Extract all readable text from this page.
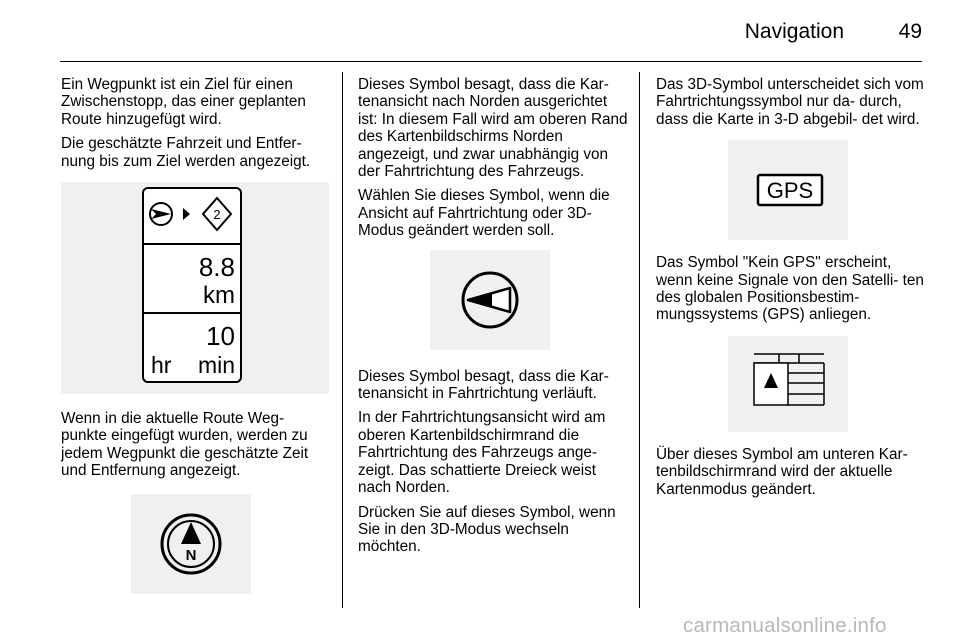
Navigation	49

Ein Wegpunkt ist ein Ziel für einen Zwischenstopp, das einer geplanten Route hinzugefügt wird.

Die geschätzte Fahrzeit und Entfer- nung bis zum Ziel werden angezeigt.

2
8.8
km
10
hr min

Wenn in die aktuelle Route Weg- punkte eingefügt wurden, werden zu jedem Wegpunkt die geschätzte Zeit und Entfernung angezeigt.

N

Dieses Symbol besagt, dass die Kar- tenansicht nach Norden ausgerichtet ist: In diesem Fall wird am oberen Rand des Kartenbildschirms Norden angezeigt, und zwar unabhängig von der Fahrtrichtung des Fahrzeugs.

Wählen Sie dieses Symbol, wenn die Ansicht auf Fahrtrichtung oder 3D- Modus geändert werden soll.

Dieses Symbol besagt, dass die Kar- tenansicht in Fahrtrichtung verläuft.

In der Fahrtrichtungsansicht wird am oberen Kartenbildschirmrand die Fahrtrichtung des Fahrzeugs ange- zeigt. Das schattierte Dreieck weist nach Norden.

Drücken Sie auf dieses Symbol, wenn Sie in den 3D-Modus wechseln möchten.

Das 3D-Symbol unterscheidet sich vom Fahrtrichtungssymbol nur da- durch, dass die Karte in 3-D abgebil- det wird.

GPS

Das Symbol "Kein GPS" erscheint, wenn keine Signale von den Satelli- ten des globalen Positionsbestim- mungssystems (GPS) anliegen.

Über dieses Symbol am unteren Kar- tenbildschirmrand wird der aktuelle Kartenmodus geändert.

carmanualsonline.info
